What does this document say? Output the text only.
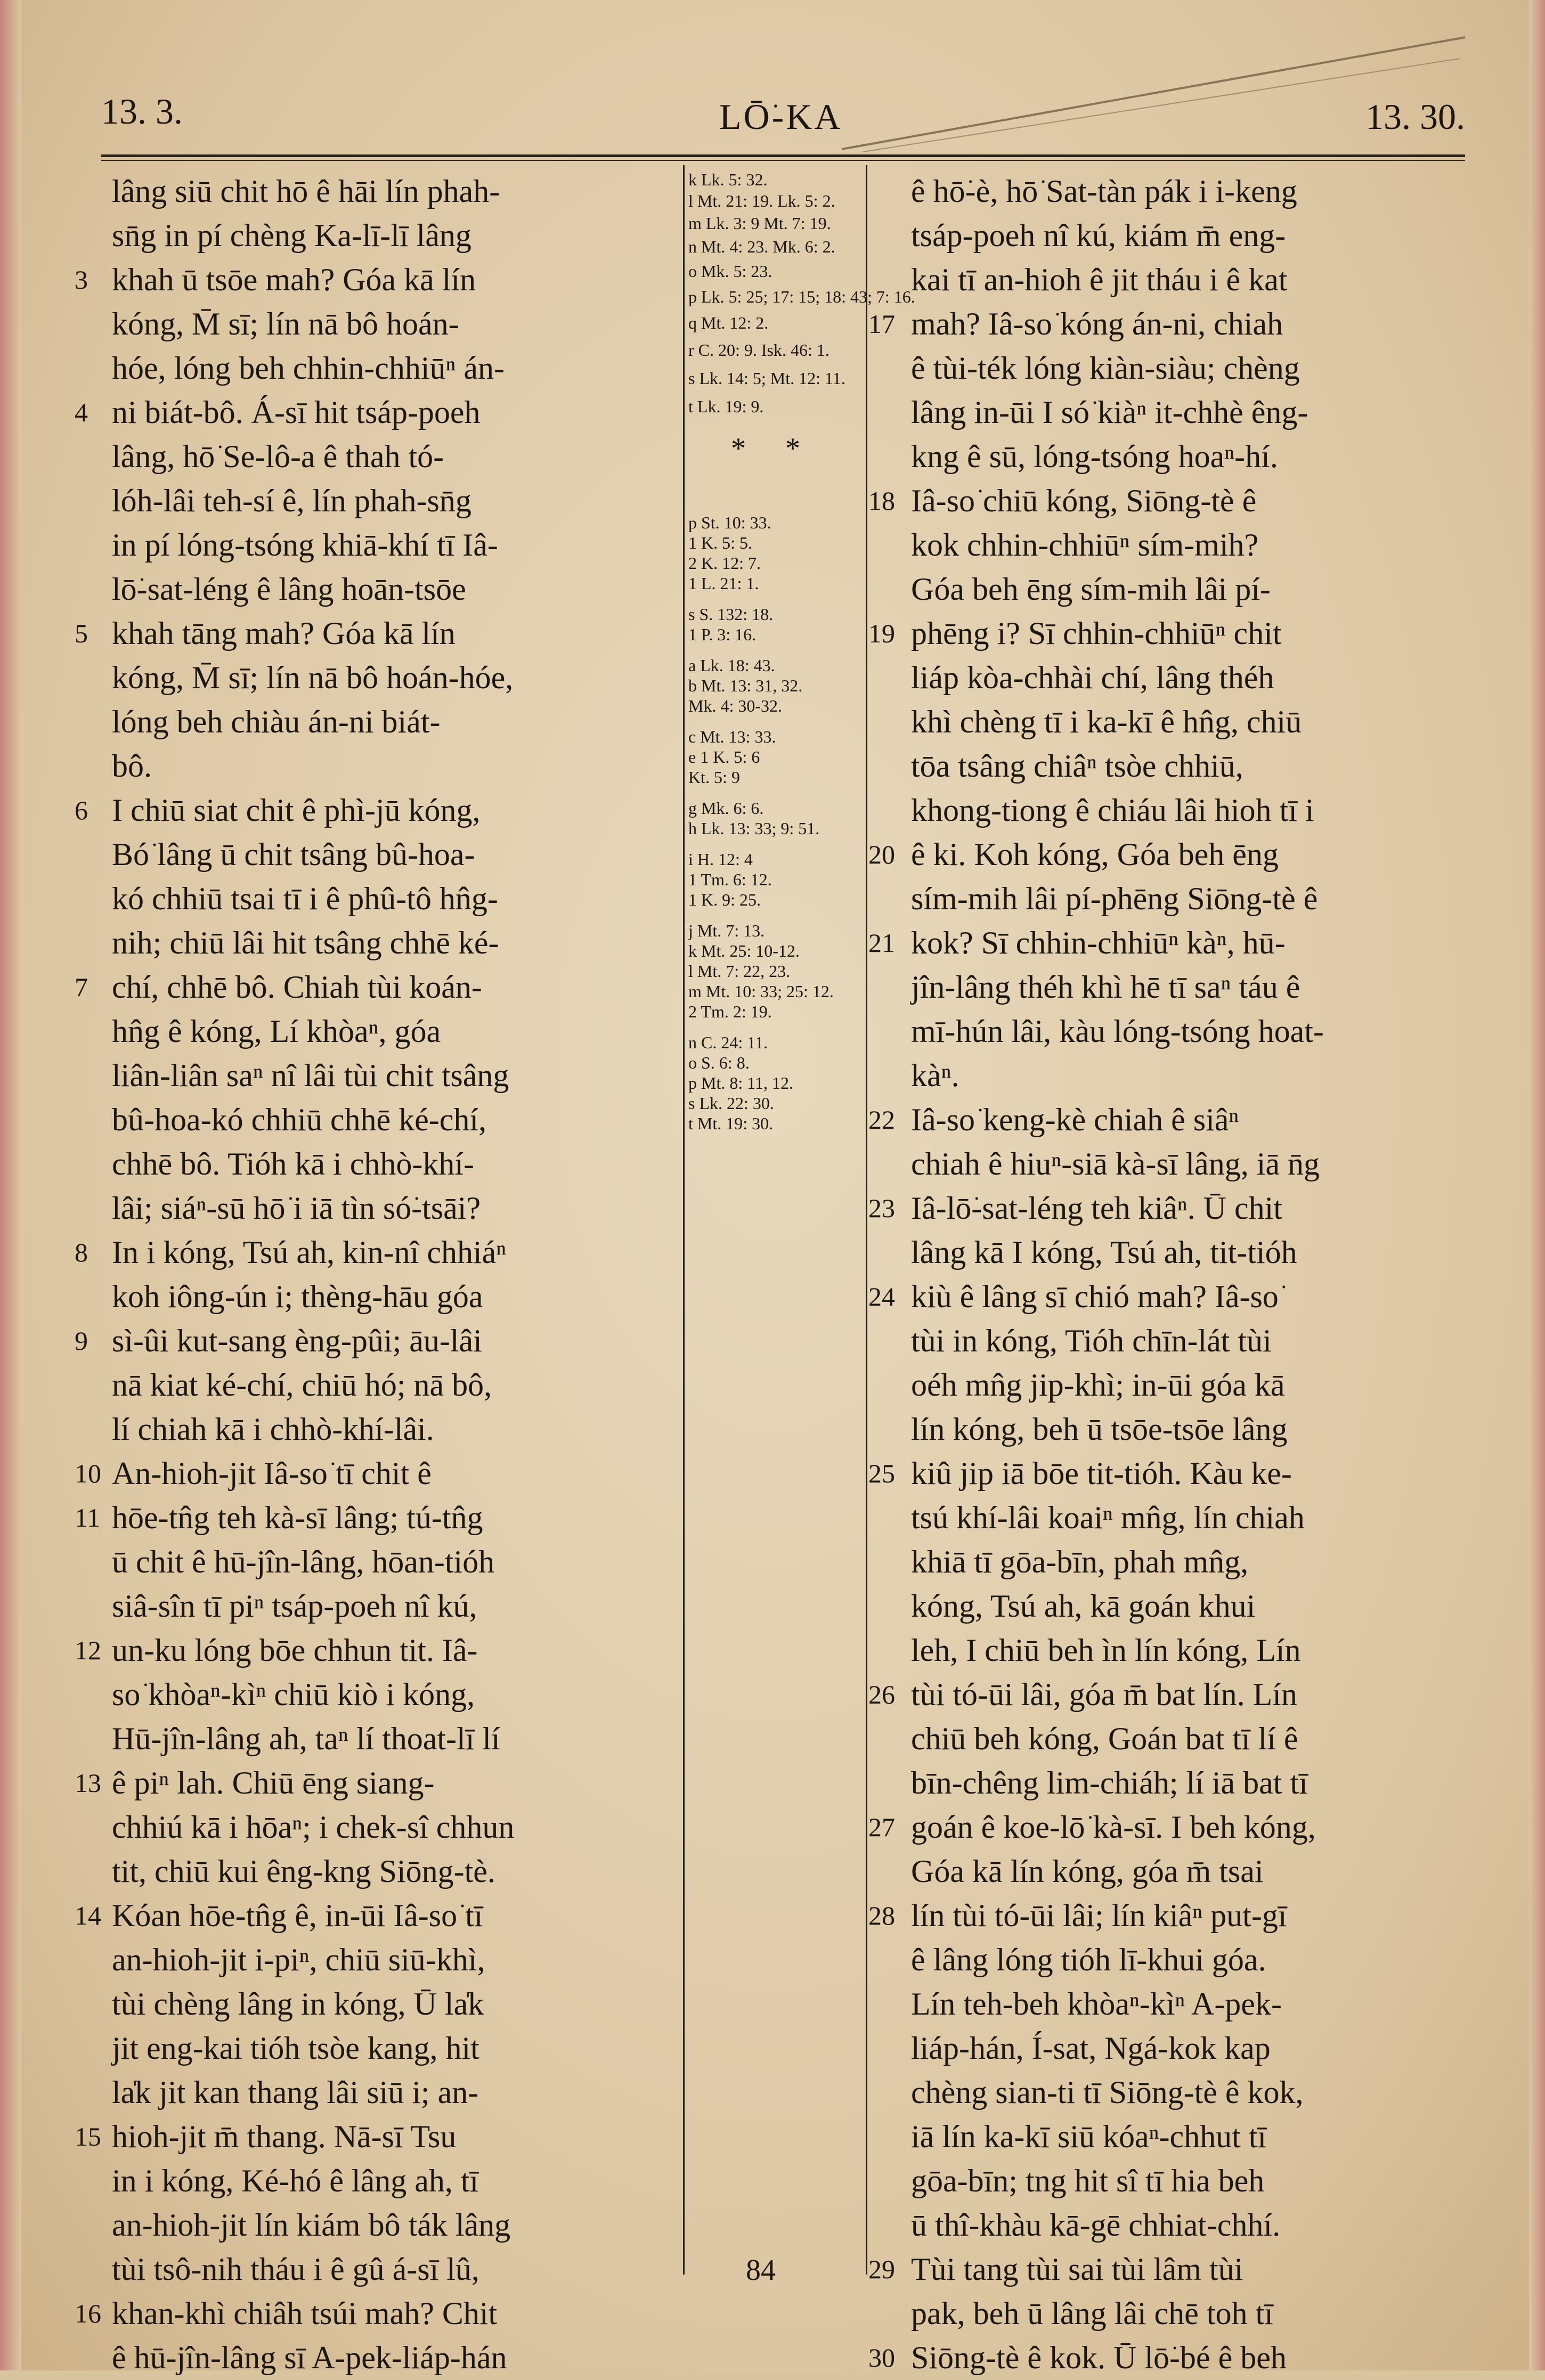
13. 3.	LŌ͘-KA	13. 30.
lâng siū chit hō ê hāi lín phah-
sn̄g in pí chèng Ka-lī-lī lâng
3 khah ū tsōe mah? Góa kā lín
kóng, M̄ sī; lín nā bô hoán-
hóe, lóng beh chhin-chhiūⁿ án-
4 ni biát-bô. Á-sī hit tsáp-poeh
lâng, hō͘ Se-lô-a ê thah tó-
lóh-lâi teh-sí ê, lín phah-sn̄g
in pí lóng-tsóng khiā-khí tī Iâ-
lō͘-sat-léng ê lâng hoān-tsōe
5 khah tāng mah? Góa kā lín
kóng, M̄ sī; lín nā bô hoán-hóe,
lóng beh chiàu án-ni biát-
bô.
6 I chiū siat chit ê phì-jū kóng,
Bó͘ lâng ū chit tsâng bû-hoa-
kó chhiū tsai tī i ê phû-tô hn̂g-
nih; chiū lâi hit tsâng chhē ké-
7 chí, chhē bô. Chiah tùi koán-
hn̂g ê kóng, Lí khòaⁿ, góa
liân-liân saⁿ nî lâi tùi chit tsâng
bû-hoa-kó chhiū chhē ké-chí,
chhē bô. Tióh kā i chhò-khí-
lâi; siáⁿ-sū hō͘ i iā tìn só͘-tsāi?
8 In i kóng, Tsú ah, kin-nî chhiáⁿ
koh iông-ún i; thèng-hāu góa
9 sì-ûi kut-sang èng-pûi; āu-lâi
nā kiat ké-chí, chiū hó; nā bô,
lí chiah kā i chhò-khí-lâi.
10 An-hioh-jit Iâ-so͘ tī chit ê
11 hōe-tn̂g teh kà-sī lâng; tú-tn̂g
ū chit ê hū-jîn-lâng, hōan-tióh
siâ-sîn tī piⁿ tsáp-poeh nî kú,
12 un-ku lóng bōe chhun tit. Iâ-
so͘ khòaⁿ-kìⁿ chiū kiò i kóng,
Hū-jîn-lâng ah, taⁿ lí thoat-lī lí
13 ê piⁿ lah. Chiū ēng siang-
chhiú kā i hōaⁿ; i chek-sî chhun
tit, chiū kui êng-kng Siōng-tè.
14 Kóan hōe-tn̂g ê, in-ūi Iâ-so͘ tī
an-hioh-jit i-piⁿ, chiū siū-khì,
tùi chèng lâng in kóng, Ū la̍k
jit eng-kai tióh tsòe kang, hit
la̍k jit kan thang lâi siū i; an-
15 hioh-jit m̄ thang. Nā-sī Tsu
in i kóng, Ké-hó ê lâng ah, tī
an-hioh-jit lín kiám bô ták lâng
tùi tsô-nih tháu i ê gû á-sī lû,
16 khan-khì chiâh tsúi mah? Chit
ê hū-jîn-lâng sī A-pek-liáp-hán
k Lk. 5: 32.
l Mt. 21: 19. Lk. 5: 2.
m Lk. 3: 9 Mt. 7: 19.
n Mt. 4: 23. Mk. 6: 2.
o Mk. 5: 23.
p Lk. 5: 25; 17: 15; 18: 43; 7: 16.
q Mt. 12: 2.
r C. 20: 9. Isk. 46: 1.
s Lk. 14: 5; Mt. 12: 11.
t Lk. 19: 9.
* *
p St. 10: 33.
1 K. 5: 5.
2 K. 12: 7.
1 L. 21: 1.
s S. 132: 18.
1 P. 3: 16.
a Lk. 18: 43.
b Mt. 13: 31, 32.
Mk. 4: 30-32.
c Mt. 13: 33.
e 1 K. 5: 6
Kt. 5: 9
g Mk. 6: 6.
h Lk. 13: 33; 9: 51.
i H. 12: 4
1 Tm. 6: 12.
1 K. 9: 25.
j Mt. 7: 13.
k Mt. 25: 10-12.
l Mt. 7: 22, 23.
m Mt. 10: 33; 25: 12.
2 Tm. 2: 19.
n C. 24: 11.
o S. 6: 8.
p Mt. 8: 11, 12.
s Lk. 22: 30.
t Mt. 19: 30.
ê hō͘-è, hō͘ Sat-tàn pák i i-keng
tsáp-poeh nî kú, kiám m̄ eng-
kai tī an-hioh ê jit tháu i ê kat
17 mah? Iâ-so͘ kóng án-ni, chiah
ê tùi-ték lóng kiàn-siàu; chèng
lâng in-ūi I só͘ kiàⁿ it-chhè êng-
kng ê sū, lóng-tsóng hoaⁿ-hí.
18 Iâ-so͘ chiū kóng, Siōng-tè ê
kok chhin-chhiūⁿ sím-mih?
Góa beh ēng sím-mih lâi pí-
19 phēng i? Sī chhin-chhiūⁿ chit
liáp kòa-chhài chí, lâng théh
khì chèng tī i ka-kī ê hn̂g, chiū
tōa tsâng chiâⁿ tsòe chhiū,
khong-tiong ê chiáu lâi hioh tī i
20 ê ki. Koh kóng, Góa beh ēng
sím-mih lâi pí-phēng Siōng-tè ê
21 kok? Sī chhin-chhiūⁿ kàⁿ, hū-
jîn-lâng théh khì hē tī saⁿ táu ê
mī-hún lâi, kàu lóng-tsóng hoat-
kàⁿ.
22 Iâ-so͘ keng-kè chiah ê siâⁿ
chiah ê hiuⁿ-siā kà-sī lâng, iā n̄g
23 Iâ-lō͘-sat-léng teh kiâⁿ. Ū chit
lâng kā I kóng, Tsú ah, tit-tióh
24 kiù ê lâng sī chió mah? Iâ-so͘
tùi in kóng, Tióh chīn-lát tùi
oéh mn̂g jip-khì; in-ūi góa kā
lín kóng, beh ū tsōe-tsōe lâng
25 kiû jip iā bōe tit-tióh. Kàu ke-
tsú khí-lâi koaiⁿ mn̂g, lín chiah
khiā tī gōa-bīn, phah mn̂g,
kóng, Tsú ah, kā goán khui
leh, I chiū beh ìn lín kóng, Lín
26 tùi tó-ūi lâi, góa m̄ bat lín. Lín
chiū beh kóng, Goán bat tī lí ê
bīn-chêng lim-chiáh; lí iā bat tī
27 goán ê koe-lō͘ kà-sī. I beh kóng,
Góa kā lín kóng, góa m̄ tsai
28 lín tùi tó-ūi lâi; lín kiâⁿ put-gī
ê lâng lóng tióh lī-khui góa.
Lín teh-beh khòaⁿ-kìⁿ A-pek-
liáp-hán, Í-sat, Ngá-kok kap
chèng sian-ti tī Siōng-tè ê kok,
iā lín ka-kī siū kóaⁿ-chhut tī
gōa-bīn; tng hit sî tī hia beh
ū thî-khàu kā-gē chhiat-chhí.
29 Tùi tang tùi sai tùi lâm tùi
pak, beh ū lâng lâi chē toh tī
30 Siōng-tè ê kok. Ū lō͘-bé ê beh
84
